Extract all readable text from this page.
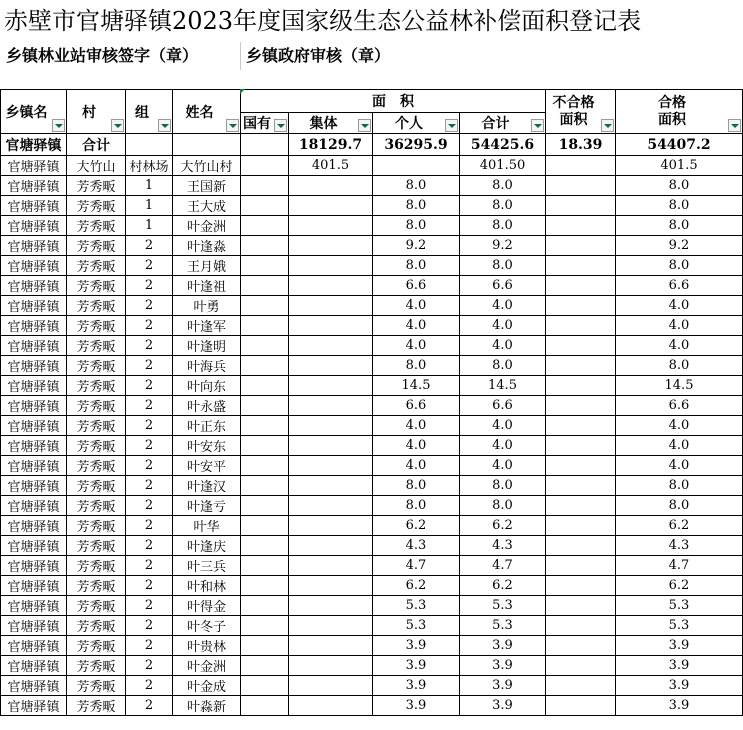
赤壁市官塘驿镇2023年度国家级生态公益林补偿面积登记表
乡镇林业站审核签字（章）	乡镇政府审核（章）
乡镇名	村	组	姓名	面　积				不合格面积	合格面积

				国有	集体	个人	合计		

官塘驿镇	合计				18129.7	36295.9	54425.6	18.39	54407.2
官塘驿镇	大竹山	村林场	大竹山村		401.5		401.50		401.5
官塘驿镇	芳秀畈	1	王国新			8.0	8.0		8.0
官塘驿镇	芳秀畈	1	王大成			8.0	8.0		8.0
官塘驿镇	芳秀畈	1	叶金洲			8.0	8.0		8.0
官塘驿镇	芳秀畈	2	叶逢淼			9.2	9.2		9.2
官塘驿镇	芳秀畈	2	王月娥			8.0	8.0		8.0
官塘驿镇	芳秀畈	2	叶逢祖			6.6	6.6		6.6
官塘驿镇	芳秀畈	2	叶勇			4.0	4.0		4.0
官塘驿镇	芳秀畈	2	叶逢军			4.0	4.0		4.0
官塘驿镇	芳秀畈	2	叶逢明			4.0	4.0		4.0
官塘驿镇	芳秀畈	2	叶海兵			8.0	8.0		8.0
官塘驿镇	芳秀畈	2	叶向东			14.5	14.5		14.5
官塘驿镇	芳秀畈	2	叶永盛			6.6	6.6		6.6
官塘驿镇	芳秀畈	2	叶正东			4.0	4.0		4.0
官塘驿镇	芳秀畈	2	叶安东			4.0	4.0		4.0
官塘驿镇	芳秀畈	2	叶安平			4.0	4.0		4.0
官塘驿镇	芳秀畈	2	叶逢汉			8.0	8.0		8.0
官塘驿镇	芳秀畈	2	叶逢亏			8.0	8.0		8.0
官塘驿镇	芳秀畈	2	叶华			6.2	6.2		6.2
官塘驿镇	芳秀畈	2	叶逢庆			4.3	4.3		4.3
官塘驿镇	芳秀畈	2	叶三兵			4.7	4.7		4.7
官塘驿镇	芳秀畈	2	叶和林			6.2	6.2		6.2
官塘驿镇	芳秀畈	2	叶得金			5.3	5.3		5.3
官塘驿镇	芳秀畈	2	叶冬子			5.3	5.3		5.3
官塘驿镇	芳秀畈	2	叶贵林			3.9	3.9		3.9
官塘驿镇	芳秀畈	2	叶金洲			3.9	3.9		3.9
官塘驿镇	芳秀畈	2	叶金成			3.9	3.9		3.9
官塘驿镇	芳秀畈	2	叶淼新			3.9	3.9		3.9
